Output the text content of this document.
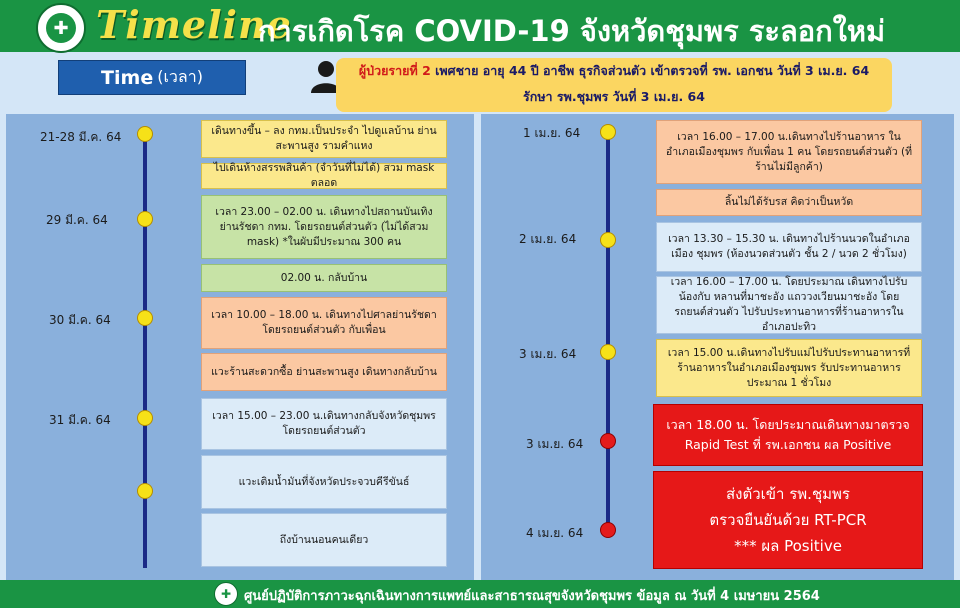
✚ Timeline
การเกิดโรค COVID-19 จังหวัดชุมพร ระลอกใหม่
Time (เวลา)	ผู้ป่วยรายที่ 2 เพศชาย อายุ 44 ปี อาชีพ ธุรกิจส่วนตัว เข้าตรวจที่ รพ. เอกชน วันที่ 3 เม.ย. 64
รักษา รพ.ชุมพร วันที่ 3 เม.ย. 64
21-28 มี.ค. 64
29 มี.ค. 64
30 มี.ค. 64
31 มี.ค. 64
เดินทางขึ้น – ลง กทม.เป็นประจำ ไปดูแลบ้าน ย่านสะพานสูง รามคำแหง
ไปเดินห้างสรรพสินค้า (จำวันที่ไม่ได้) สวม mask ตลอด
เวลา 23.00 – 02.00 น. เดินทางไปสถานบันเทิง ย่านรัชดา กทม. โดยรถยนต์ส่วนตัว (ไม่ได้สวม mask) *ในผับมีประมาณ 300 คน
02.00 น. กลับบ้าน
เวลา 10.00 – 18.00 น. เดินทางไปศาลย่านรัชดา โดยรถยนต์ส่วนตัว กับเพื่อน
แวะร้านสะดวกซื้อ ย่านสะพานสูง เดินทางกลับบ้าน
เวลา 15.00 – 23.00 น.เดินทางกลับจังหวัดชุมพร โดยรถยนต์ส่วนตัว
แวะเติมน้ำมันที่จังหวัดประจวบคีรีขันธ์
ถึงบ้านนอนคนเดียว
1 เม.ย. 64
2 เม.ย. 64
3 เม.ย. 64
3 เม.ย. 64
4 เม.ย. 64
เวลา 16.00 – 17.00 น.เดินทางไปร้านอาหาร ในอำเภอเมืองชุมพร กับเพื่อน 1 คน โดยรถยนต์ส่วนตัว (ที่ร้านไม่มีลูกค้า)
ลิ้นไม่ได้รับรส คิดว่าเป็นหวัด
เวลา 13.30 – 15.30 น. เดินทางไปร้านนวดในอำเภอเมือง ชุมพร (ห้องนวดส่วนตัว ชั้น 2 / นวด 2 ชั่วโมง)
เวลา 16.00 – 17.00 น. โดยประมาณ เดินทางไปรับน้องกับ หลานที่มาชะอัง แถววงเวียนมาชะอัง โดยรถยนต์ส่วนตัว ไปรับประทานอาหารที่ร้านอาหารในอำเภอปะทิว
เวลา 15.00 น.เดินทางไปรับแม่ไปรับประทานอาหารที่ ร้านอาหารในอำเภอเมืองชุมพร รับประทานอาหารประมาณ 1 ชั่วโมง
เวลา 18.00 น. โดยประมาณเดินทางมาตรวจ Rapid Test ที่ รพ.เอกชน ผล Positive
ส่งตัวเข้า รพ.ชุมพร
ตรวจยืนยันด้วย RT-PCR
*** ผล Positive
✚ ศูนย์ปฏิบัติการภาวะฉุกเฉินทางการแพทย์และสาธารณสุขจังหวัดชุมพร ข้อมูล ณ วันที่ 4 เมษายน 2564
